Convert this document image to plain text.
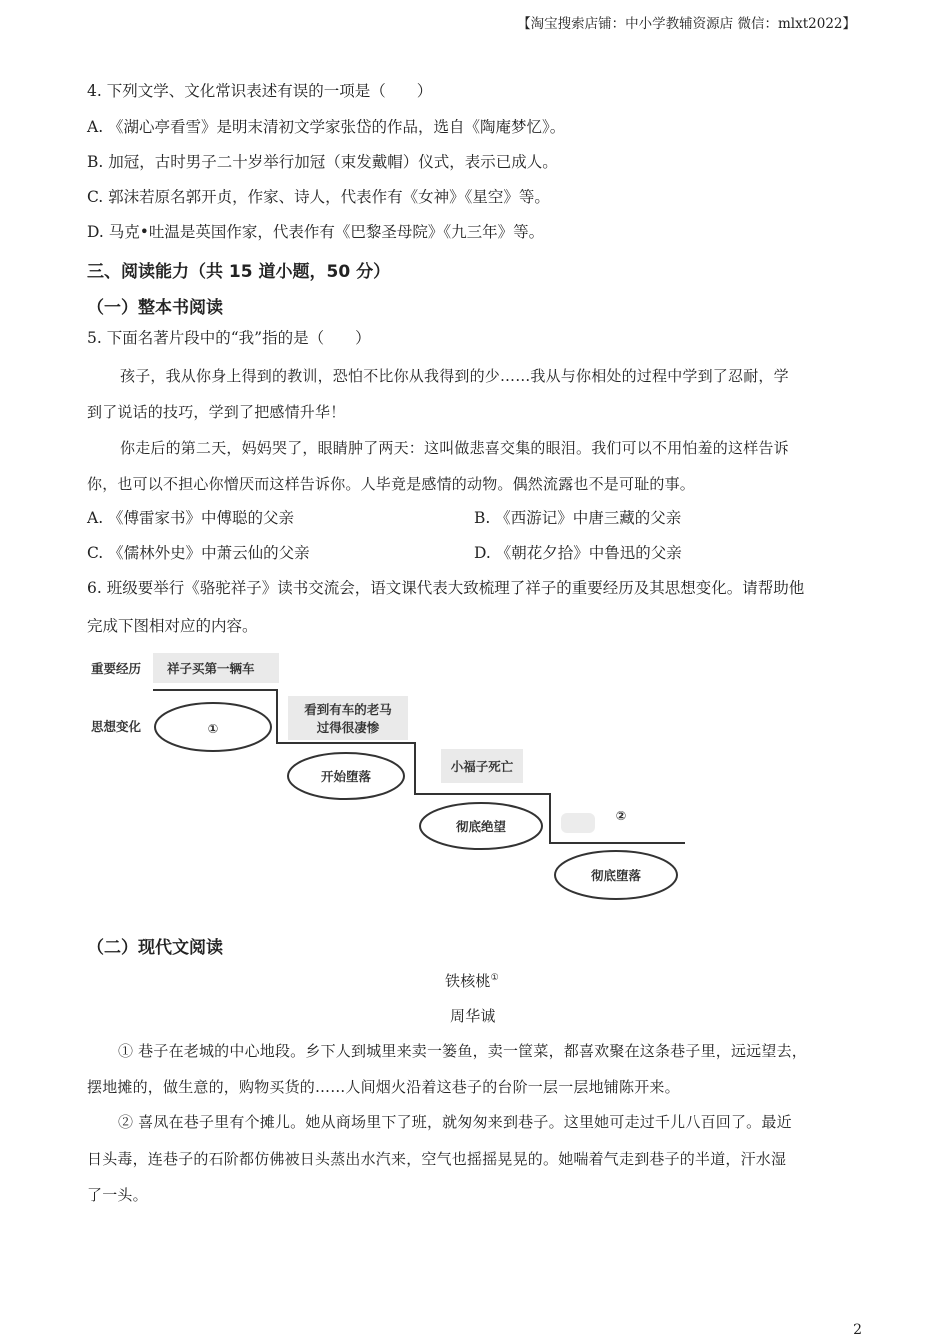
【淘宝搜索店铺：中小学教辅资源店 微信：mlxt2022】
4. 下列文学、文化常识表述有误的一项是（　　）
A. 《湖心亭看雪》是明末清初文学家张岱的作品，选自《陶庵梦忆》。
B. 加冠，古时男子二十岁举行加冠（束发戴帽）仪式，表示已成人。
C. 郭沫若原名郭开贞，作家、诗人，代表作有《女神》《星空》等。
D. 马克•吐温是英国作家，代表作有《巴黎圣母院》《九三年》等。
三、阅读能力（共 15 道小题，50 分）
（一）整本书阅读
5. 下面名著片段中的“我”指的是（　　）
孩子，我从你身上得到的教训，恐怕不比你从我得到的少……我从与你相处的过程中学到了忍耐，学
到了说话的技巧，学到了把感情升华！
你走后的第二天，妈妈哭了，眼睛肿了两天：这叫做悲喜交集的眼泪。我们可以不用怕羞的这样告诉
你，也可以不担心你憎厌而这样告诉你。人毕竟是感情的动物。偶然流露也不是可耻的事。
A. 《傅雷家书》中傅聪的父亲	B. 《西游记》中唐三藏的父亲
C. 《儒林外史》中萧云仙的父亲	D. 《朝花夕拾》中鲁迅的父亲
6. 班级要举行《骆驼祥子》读书交流会，语文课代表大致梳理了祥子的重要经历及其思想变化。请帮助他
完成下图相对应的内容。
重要经历
思想变化
祥子买第一辆车
①
看到有车的老马
过得很凄惨
开始堕落
小福子死亡
彻底绝望
②
彻底堕落
（二）现代文阅读
铁核桃①
周华诚
① 巷子在老城的中心地段。乡下人到城里来卖一篓鱼，卖一筐菜，都喜欢聚在这条巷子里，远远望去，
摆地摊的，做生意的，购物买货的……人间烟火沿着这巷子的台阶一层一层地铺陈开来。
② 喜凤在巷子里有个摊儿。她从商场里下了班，就匆匆来到巷子。这里她可走过千儿八百回了。最近
日头毒，连巷子的石阶都仿佛被日头蒸出水汽来，空气也摇摇晃晃的。她喘着气走到巷子的半道，汗水湿
了一头。
2
